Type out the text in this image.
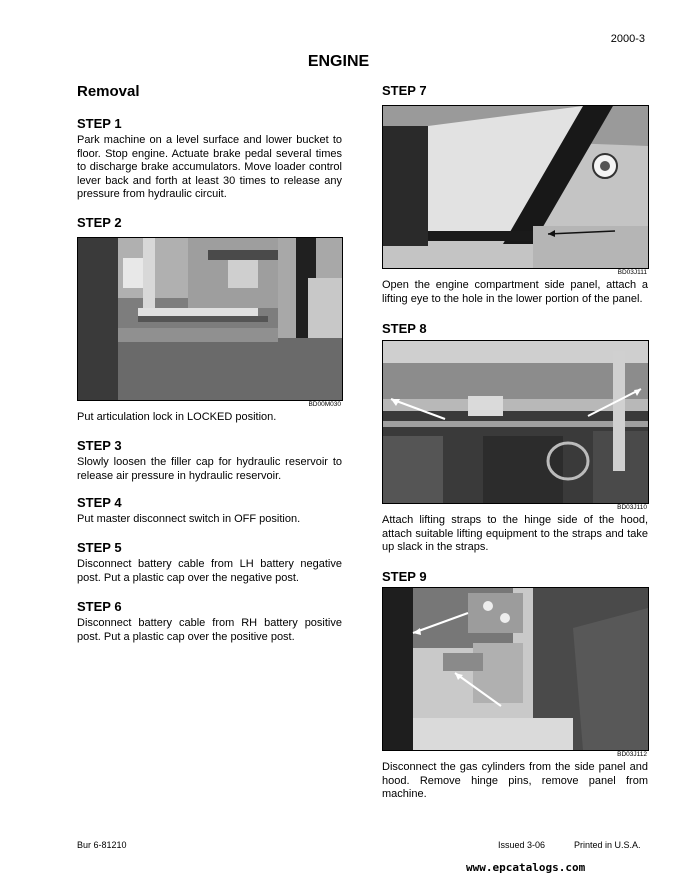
2000-3
ENGINE
Removal
STEP 1
Park machine on a level surface and lower bucket to floor. Stop engine. Actuate brake pedal several times to discharge brake accumulators. Move loader control lever back and forth at least 30 times to release any pressure from hydraulic circuit.
STEP 2
BD00M030
Put articulation lock in LOCKED position.
STEP 3
Slowly loosen the filler cap for hydraulic reservoir to release air pressure in hydraulic reservoir.
STEP 4
Put master disconnect switch in OFF position.
STEP 5
Disconnect battery cable from LH battery negative post. Put a plastic cap over the negative post.
STEP 6
Disconnect battery cable from RH battery positive post. Put a plastic cap over the positive post.
STEP 7
BD03J111
Open the engine compartment side panel, attach a lifting eye to the hole in the lower portion of the panel.
STEP 8
BD03J110
Attach lifting straps to the hinge side of the hood, attach suitable lifting equipment to the straps and take up slack in the straps.
STEP 9
BD03J112
Disconnect the gas cylinders from the side panel and hood. Remove hinge pins, remove panel from machine.
Bur 6-81210	Issued 3-06	Printed in U.S.A.
www.epcatalogs.com
